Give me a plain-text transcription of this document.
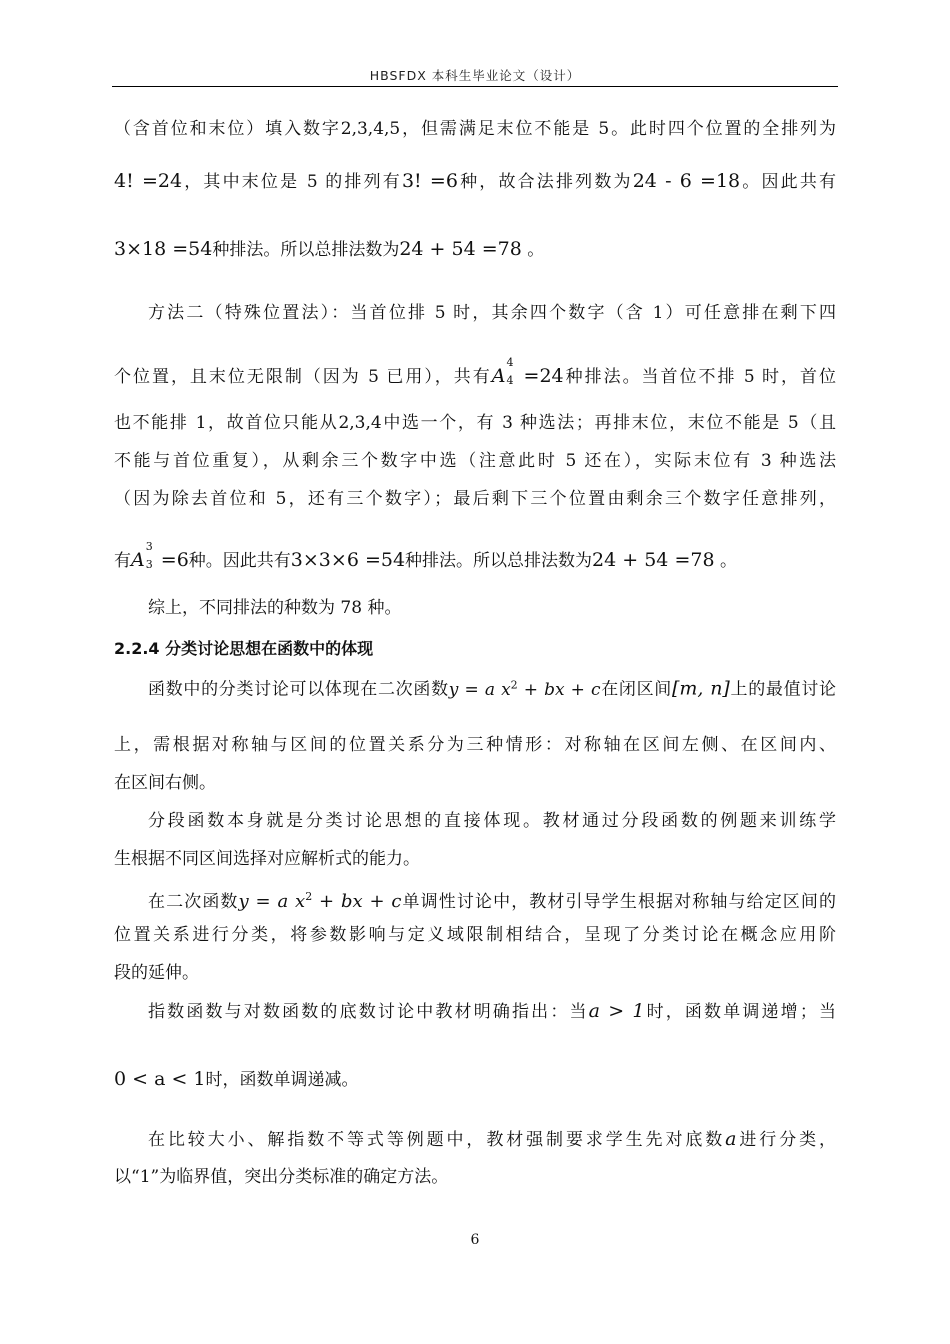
HBSFDX 本科生毕业论文（设计）
（含首位和末位）填入数字2,3,4,5，但需满足末位不能是 5。此时四个位置的全排列为
4! =24，其中末位是 5 的排列有3! =6种，故合法排列数为24 - 6 =18。因此共有
3×18 =54种排法。所以总排法数为24 + 54 =78 。
方法二（特殊位置法）：当首位排 5 时，其余四个数字（含 1）可任意排在剩下四
个位置，且末位无限制（因为 5 已用），共有A
4
4 =24种排法。当首位不排 5 时，首位
也不能排 1，故首位只能从2,3,4中选一个，有 3 种选法；再排末位，末位不能是 5（且
不能与首位重复），从剩余三个数字中选（注意此时 5 还在），实际末位有 3 种选法
（因为除去首位和 5，还有三个数字）；最后剩下三个位置由剩余三个数字任意排列，
有A
3
3 =6种。因此共有3×3×6 =54种排法。所以总排法数为24 + 54 =78 。
综上，不同排法的种数为 78 种。
2.2.4 分类讨论思想在函数中的体现
函数中的分类讨论可以体现在二次函数y = a $x^2$ + bx + c在闭区间[m, n]上的最值讨论
上，需根据对称轴与区间的位置关系分为三种情形：对称轴在区间左侧、在区间内、
在区间右侧。
分段函数本身就是分类讨论思想的直接体现。教材通过分段函数的例题来训练学
生根据不同区间选择对应解析式的能力。
在二次函数y = a $x^2$ + bx + c单调性讨论中，教材引导学生根据对称轴与给定区间的
位置关系进行分类，将参数影响与定义域限制相结合，呈现了分类讨论在概念应用阶
段的延伸。
指数函数与对数函数的底数讨论中教材明确指出：当a > 1时，函数单调递增；当
0 < a < 1时，函数单调递减。
在比较大小、解指数不等式等例题中，教材强制要求学生先对底数a进行分类，
以“1”为临界值，突出分类标准的确定方法。
6
